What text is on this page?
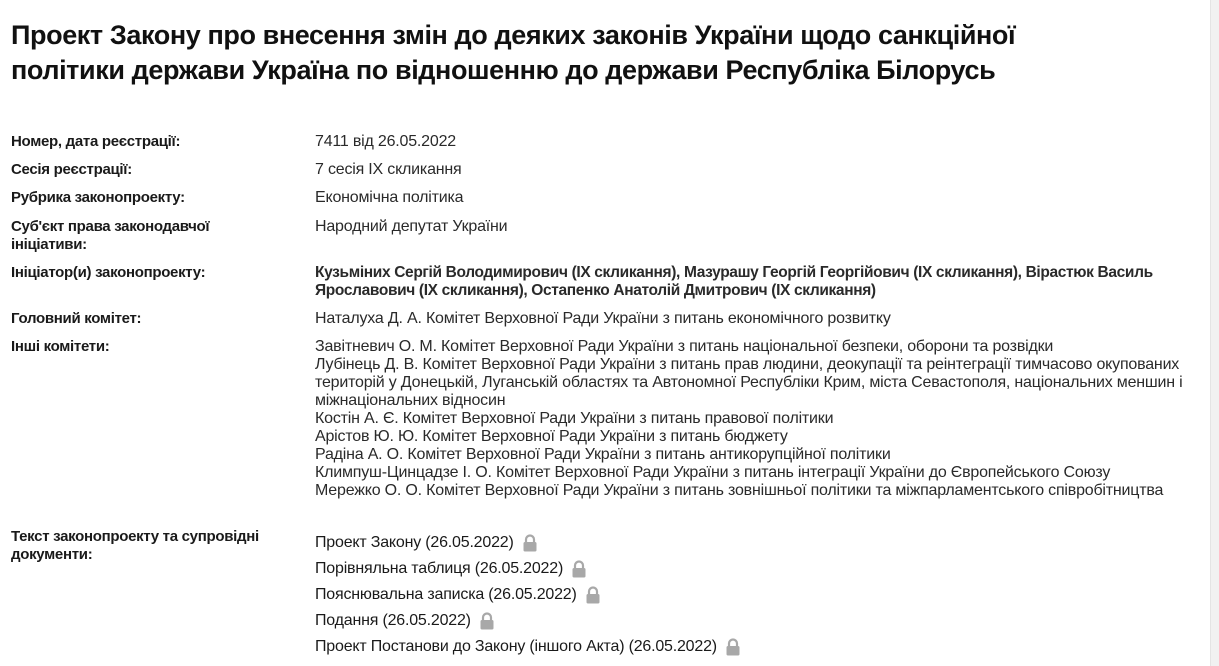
Проект Закону про внесення змін до деяких законів України щодо санкційної політики держави Україна по відношенню до держави Республіка Білорусь
Номер, дата реєстрації:	7411 від 26.05.2022
Сесія реєстрації:	7 сесія IX скликання
Рубрика законопроекту:	Економічна політика
Суб'єкт права законодавчої ініціативи:
Народний депутат України
Ініціатор(и) законопроекту:	Кузьміних Сергій Володимирович (IX скликання), Мазурашу Георгій Георгійович (IX скликання), Вірастюк Василь Ярославович (IX скликання), Остапенко Анатолій Дмитрович (IX скликання)
Головний комітет:	Наталуха Д. А. Комітет Верховної Ради України з питань економічного розвитку
Інші комітети:	Завітневич О. М. Комітет Верховної Ради України з питань національної безпеки, оборони та розвідки
Лубінець Д. В. Комітет Верховної Ради України з питань прав людини, деокупації та реінтеграції тимчасово окупованих територій у Донецькій, Луганській областях та Автономної Республіки Крим, міста Севастополя, національних меншин і міжнаціональних відносин
Костін А. Є. Комітет Верховної Ради України з питань правової політики
Арістов Ю. Ю. Комітет Верховної Ради України з питань бюджету
Радіна А. О. Комітет Верховної Ради України з питань антикорупційної політики
Климпуш-Цинцадзе І. О. Комітет Верховної Ради України з питань інтеграції України до Європейського Союзу
Мережко О. О. Комітет Верховної Ради України з питань зовнішньої політики та міжпарламентського співробітництва
Текст законопроекту та супровідні документи:
Проект Закону (26.05.2022)
Порівняльна таблиця (26.05.2022)
Пояснювальна записка (26.05.2022)
Подання (26.05.2022)
Проект Постанови до Закону (іншого Акта) (26.05.2022)
